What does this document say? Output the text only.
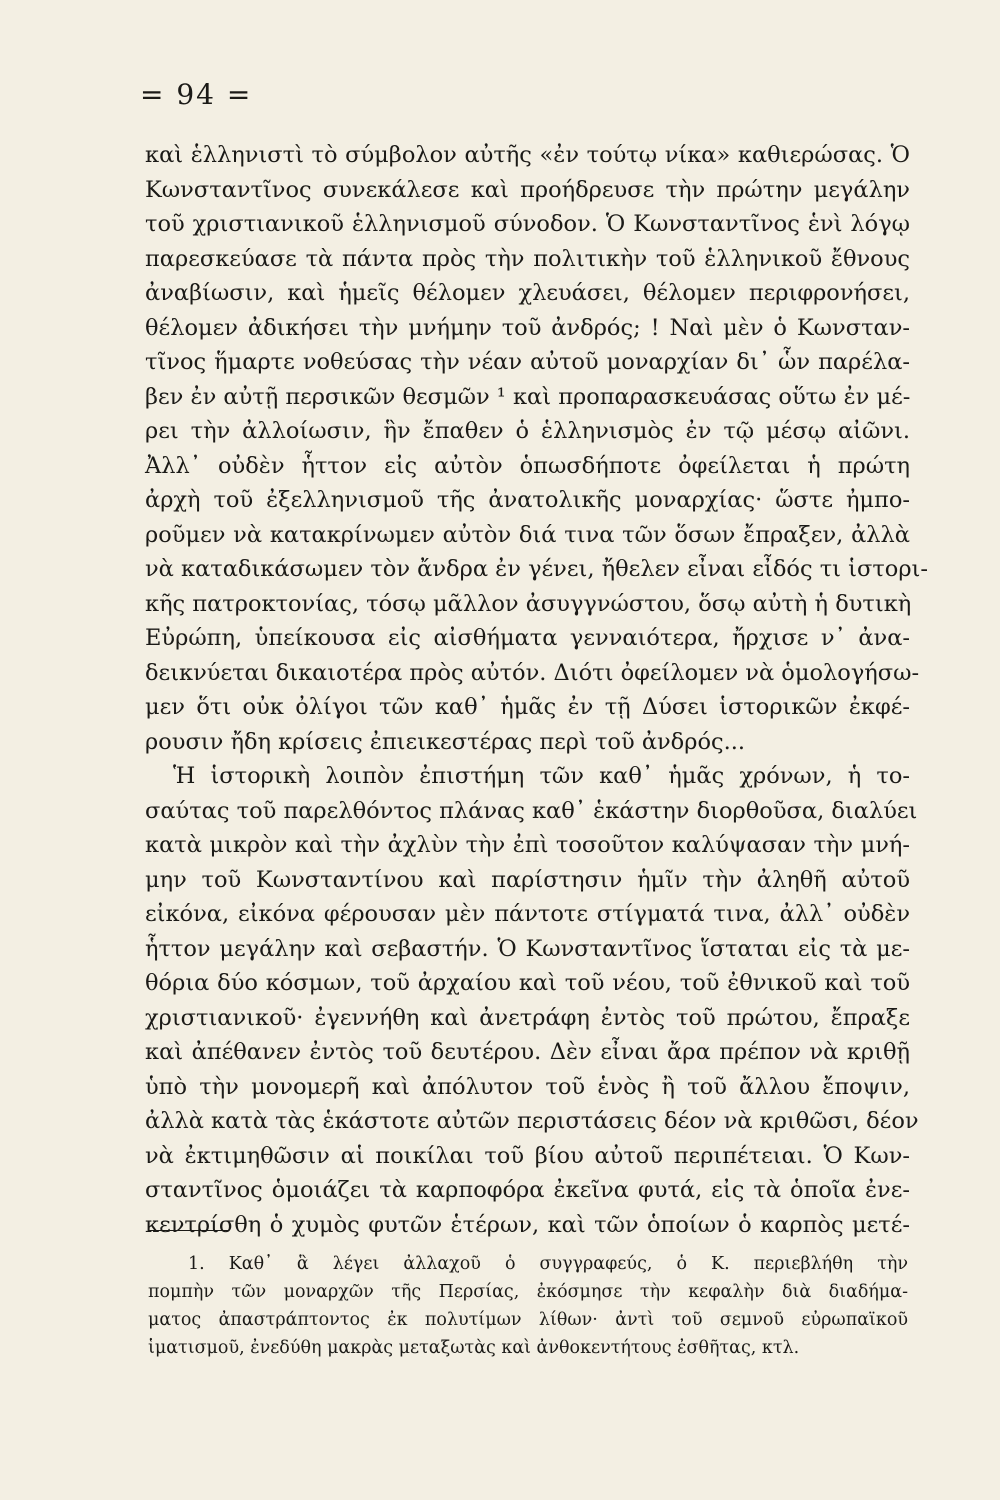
= 94 =
καὶ ἑλληνιστὶ τὸ σύμβολον αὐτῆς «ἐν τούτῳ νίκα» καθιερώσας. Ὁ
Κωνσταντῖνος συνεκάλεσε καὶ προήδρευσε τὴν πρώτην μεγάλην
τοῦ χριστιανικοῦ ἑλληνισμοῦ σύνοδον. Ὁ Κωνσταντῖνος ἑνὶ λόγῳ
παρεσκεύασε τὰ πάντα πρὸς τὴν πολιτικὴν τοῦ ἑλληνικοῦ ἔθνους
ἀναβίωσιν, καὶ ἡμεῖς θέλομεν χλευάσει, θέλομεν περιφρονήσει,
θέλομεν ἀδικήσει τὴν μνήμην τοῦ ἀνδρός; ! Ναὶ μὲν ὁ Κωνσταν-
τῖνος ἥμαρτε νοθεύσας τὴν νέαν αὐτοῦ μοναρχίαν δι᾿ ὧν παρέλα-
βεν ἐν αὐτῇ περσικῶν θεσμῶν ¹ καὶ προπαρασκευάσας οὕτω ἐν μέ-
ρει τὴν ἀλλοίωσιν, ἣν ἔπαθεν ὁ ἑλληνισμὸς ἐν τῷ μέσῳ αἰῶνι.
Ἀλλ᾿ οὐδὲν ἧττον εἰς αὐτὸν ὁπωσδήποτε ὀφείλεται ἡ πρώτη
ἀρχὴ τοῦ ἐξελληνισμοῦ τῆς ἀνατολικῆς μοναρχίας· ὥστε ἠμπο-
ροῦμεν νὰ κατακρίνωμεν αὐτὸν διά τινα τῶν ὅσων ἔπραξεν, ἀλλὰ
νὰ καταδικάσωμεν τὸν ἄνδρα ἐν γένει, ἤθελεν εἶναι εἶδός τι ἱστορι-
κῆς πατροκτονίας, τόσῳ μᾶλλον ἀσυγγνώστου, ὅσῳ αὐτὴ ἡ δυτικὴ
Εὐρώπη, ὑπείκουσα εἰς αἰσθήματα γενναιότερα, ἤρχισε ν᾿ ἀνα-
δεικνύεται δικαιοτέρα πρὸς αὐτόν. Διότι ὀφείλομεν νὰ ὁμολογήσω-
μεν ὅτι οὐκ ὀλίγοι τῶν καθ᾿ ἡμᾶς ἐν τῇ Δύσει ἱστορικῶν ἐκφέ-
ρουσιν ἤδη κρίσεις ἐπιεικεστέρας περὶ τοῦ ἀνδρός...
Ἡ ἱστορικὴ λοιπὸν ἐπιστήμη τῶν καθ᾿ ἡμᾶς χρόνων, ἡ το-
σαύτας τοῦ παρελθόντος πλάνας καθ᾿ ἑκάστην διορθοῦσα, διαλύει
κατὰ μικρὸν καὶ τὴν ἀχλὺν τὴν ἐπὶ τοσοῦτον καλύψασαν τὴν μνή-
μην τοῦ Κωνσταντίνου καὶ παρίστησιν ἡμῖν τὴν ἀληθῆ αὐτοῦ
εἰκόνα, εἰκόνα φέρουσαν μὲν πάντοτε στίγματά τινα, ἀλλ᾿ οὐδὲν
ἧττον μεγάλην καὶ σεβαστήν. Ὁ Κωνσταντῖνος ἵσταται εἰς τὰ με-
θόρια δύο κόσμων, τοῦ ἀρχαίου καὶ τοῦ νέου, τοῦ ἐθνικοῦ καὶ τοῦ
χριστιανικοῦ· ἐγεννήθη καὶ ἀνετράφη ἐντὸς τοῦ πρώτου, ἔπραξε
καὶ ἀπέθανεν ἐντὸς τοῦ δευτέρου. Δὲν εἶναι ἄρα πρέπον νὰ κριθῇ
ὑπὸ τὴν μονομερῆ καὶ ἀπόλυτον τοῦ ἑνὸς ἢ τοῦ ἄλλου ἔποψιν,
ἀλλὰ κατὰ τὰς ἑκάστοτε αὐτῶν περιστάσεις δέον νὰ κριθῶσι, δέον
νὰ ἐκτιμηθῶσιν αἱ ποικίλαι τοῦ βίου αὐτοῦ περιπέτειαι. Ὁ Κων-
σταντῖνος ὁμοιάζει τὰ καρποφόρα ἐκεῖνα φυτά, εἰς τὰ ὁποῖα ἐνε-
κεντρίσθη ὁ χυμὸς φυτῶν ἑτέρων, καὶ τῶν ὁποίων ὁ καρπὸς μετέ-
1. Καθ᾿ ἃ λέγει ἀλλαχοῦ ὁ συγγραφεύς, ὁ Κ. περιεβλήθη τὴν
πομπὴν τῶν μοναρχῶν τῆς Περσίας, ἐκόσμησε τὴν κεφαλὴν διὰ διαδήμα-
ματος ἀπαστράπτοντος ἐκ πολυτίμων λίθων· ἀντὶ τοῦ σεμνοῦ εὐρωπαϊκοῦ
ἱματισμοῦ, ἐνεδύθη μακρὰς μεταξωτὰς καὶ ἀνθοκεντήτους ἐσθῆτας, κτλ.
